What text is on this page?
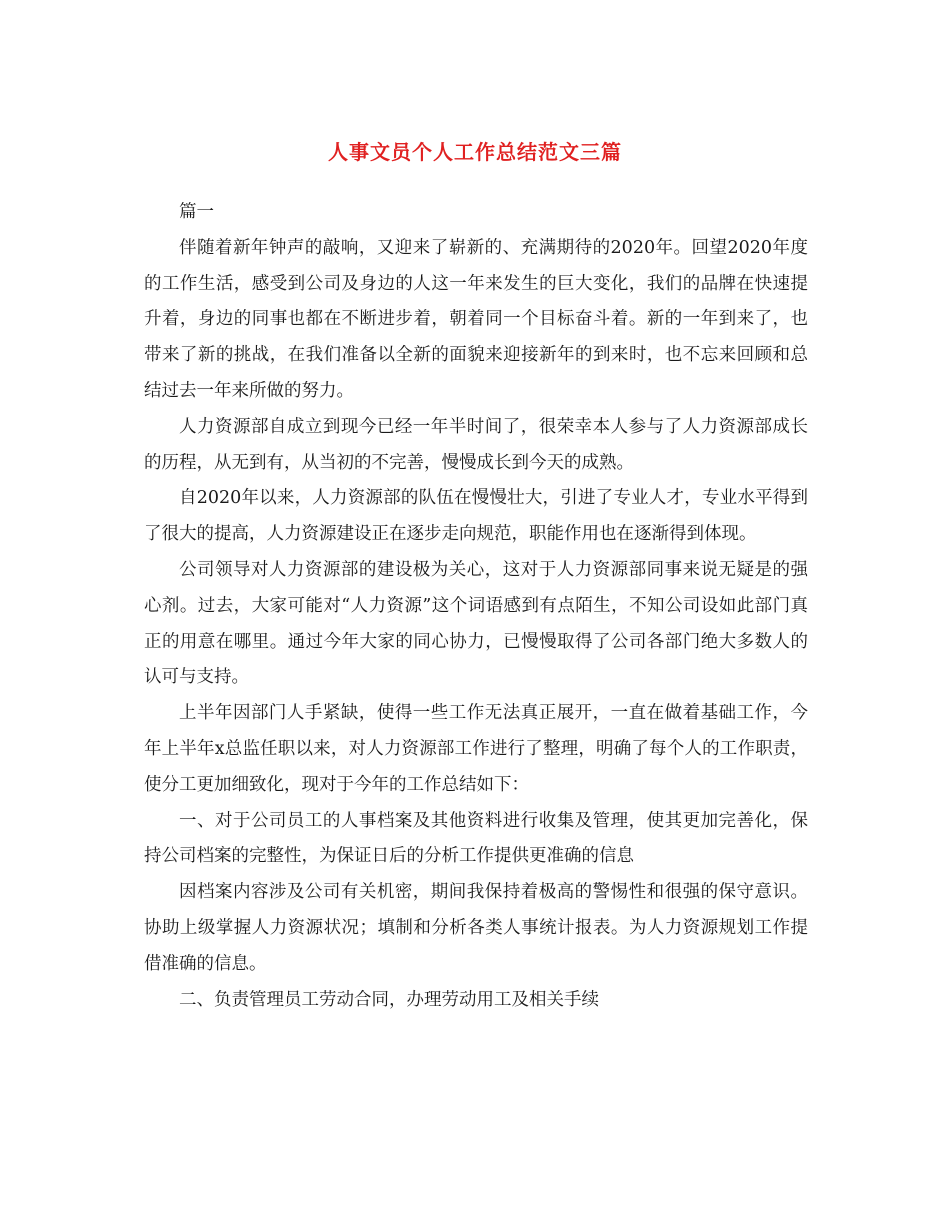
人事文员个人工作总结范文三篇

篇一

伴随着新年钟声的敲响，又迎来了崭新的、充满期待的2020年。回望2020年度的工作生活，感受到公司及身边的人这一年来发生的巨大变化，我们的品牌在快速提升着，身边的同事也都在不断进步着，朝着同一个目标奋斗着。新的一年到来了，也带来了新的挑战，在我们准备以全新的面貌来迎接新年的到来时，也不忘来回顾和总结过去一年来所做的努力。

人力资源部自成立到现今已经一年半时间了，很荣幸本人参与了人力资源部成长的历程，从无到有，从当初的不完善，慢慢成长到今天的成熟。

自2020年以来，人力资源部的队伍在慢慢壮大，引进了专业人才，专业水平得到了很大的提高，人力资源建设正在逐步走向规范，职能作用也在逐渐得到体现。

公司领导对人力资源部的建设极为关心，这对于人力资源部同事来说无疑是的强心剂。过去，大家可能对“人力资源”这个词语感到有点陌生，不知公司设如此部门真正的用意在哪里。通过今年大家的同心协力，已慢慢取得了公司各部门绝大多数人的认可与支持。

上半年因部门人手紧缺，使得一些工作无法真正展开，一直在做着基础工作，今年上半年x总监任职以来，对人力资源部工作进行了整理，明确了每个人的工作职责，使分工更加细致化，现对于今年的工作总结如下：

一、对于公司员工的人事档案及其他资料进行收集及管理，使其更加完善化，保持公司档案的完整性，为保证日后的分析工作提供更准确的信息

因档案内容涉及公司有关机密，期间我保持着极高的警惕性和很强的保守意识。协助上级掌握人力资源状况；填制和分析各类人事统计报表。为人力资源规划工作提借准确的信息。

二、负责管理员工劳动合同，办理劳动用工及相关手续
